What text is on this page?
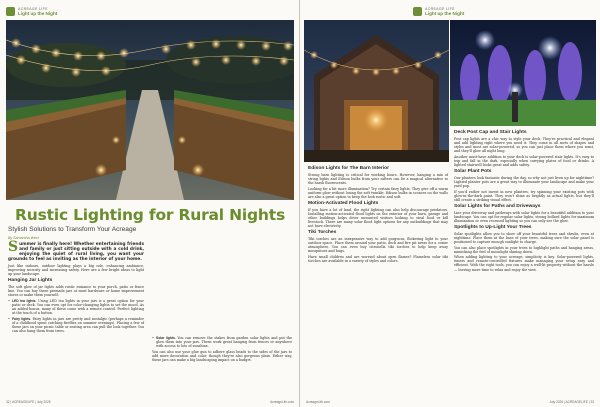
ACREAGE LIFE
Light up the Night
Rustic Lighting for Rural Nights
Stylish Solutions to Transform Your Acreage
By Samantha West

Summer is finally here! Whether entertaining friends and family or just sitting outside with a cold drink, enjoying the quiet of rural living, you want your grounds to feel as inviting as the interior of your home.

Just like indoors, outdoor lighting plays a big role, enhancing ambiance, improving security and increasing safety. Here are a few bright ideas to light up your landscape.

Hanging Jar Lights

The soft glow of jar lights adds rustic romance to your porch, patio or fence line. You can buy these premade jars at most hardware or home improvement stores or make them yourself:

• LED tea lights. Using LED tea lights in your jars is a great option for your patio or deck. You can even opt for color-changing lights to set the mood. As an added bonus, many of these come with a remote control. Perfect lighting at the touch of a button.

• Fairy lights. Fairy lights in jars are pretty and nostalgic (perhaps a reminder of a childhood spent catching fireflies on summer evenings). Placing a few of these jars on your picnic table or seating area can pull the look together. You can also hang them from trees.

• Solar lights. You can remove the stakes from garden solar lights and put the glow them into your jars. These work great hanging from fences or anywhere with access to lots of sunshine.

You can also use your glue gun to adhere glass beads to the sides of the jars to add more decoration and color, though they're also gorgeous plain. Either way, these jars can make a big landscaping impact on a budget.

32 | ACREAGELIFE | July 2025	AcreageLife.com
ACREAGE LIFE
Light up the Night
Edison Lights for The Barn Interior

Strong barn lighting is critical for working hours. However, hanging a mix of string lights and Edison bulbs from your rafters can be a magical alternative to the harsh fluorescents.

Looking for a bit more illumination? Try certain fairy lights. They give off a warm uniform glow without losing the soft twinkle. Edison bulbs in sconces on the walls are also a great option to keep the look rustic and soft.

Motion-Activated Flood Lights

If you have a lot of land, the right lighting can also help discourage predators. Installing motion-activated flood lights on the exterior of your barn, garage and other buildings helps deter unwanted visitors looking to steal food or kill livestock. There are many solar flood light options for any outbuildings that may not have electricity.

Tiki Torches

Tiki torches are an inexpensive way to add gorgeous, flickering light to your outdoor space. Place them around your patio, deck and fire pit areas for a cozier atmosphere. You can even buy citronella tiki torches to help keep away mosquitoes and bugs.

Have small children and are worried about open flames? Flameless solar tiki torches are available in a variety of styles and colors.

Deck Post Cap and Stair Lights

Post cap lights are a chic way to style your deck. They're practical and elegant and add lighting right where you need it. They come in all sorts of shapes and styles and most are solar-powered, so you can just place them where you want, and they'll glow all night long.

Another must-have addition to your deck is solar-powered stair lights. It's easy to trip and fall in the dark, especially when carrying plates of food or drinks. A lighted stairwell looks great and adds safety.

Solar Plant Pots

Our planters look fantastic during the day, so why not just liven up for nighttime? Lighted planter pots are a great way to illuminate your landscape and make your yard pop.

If you'd rather not invest in new planters, try spinning your existing pots with glow-in-the-dark paint. They won't shine as brightly as actual lights, but they'll still create a striking visual effect.

Solar Lights for Paths and Driveways

Line your driveway and pathways with solar lights for a beautiful addition to your landscape. You can opt for regular solar lights, strong bollard lights for maximum illumination or even recessed lighting so you can only see the glow.

Spotlights to Up-Light Your Trees

Solar spotlights allow you to show off your beautiful trees and shrubs, even at nighttime. Place them at the base of your trees, making sure the solar panel is positioned to capture enough sunlight to charge.

You can also place spotlights in your trees to highlight paths and hanging areas, mimicking the feel of moonlight shining down.

When adding lighting to your acreage, simplicity is key. Solar-powered lights, timers and remote-controlled fixtures make managing your setup easy and efficient. With the right tools, you can enjoy a well-lit property without the hassle — leaving more time to relax and enjoy the view.

AcreageLife.com	July 2025 | ACREAGELIFE | 33
